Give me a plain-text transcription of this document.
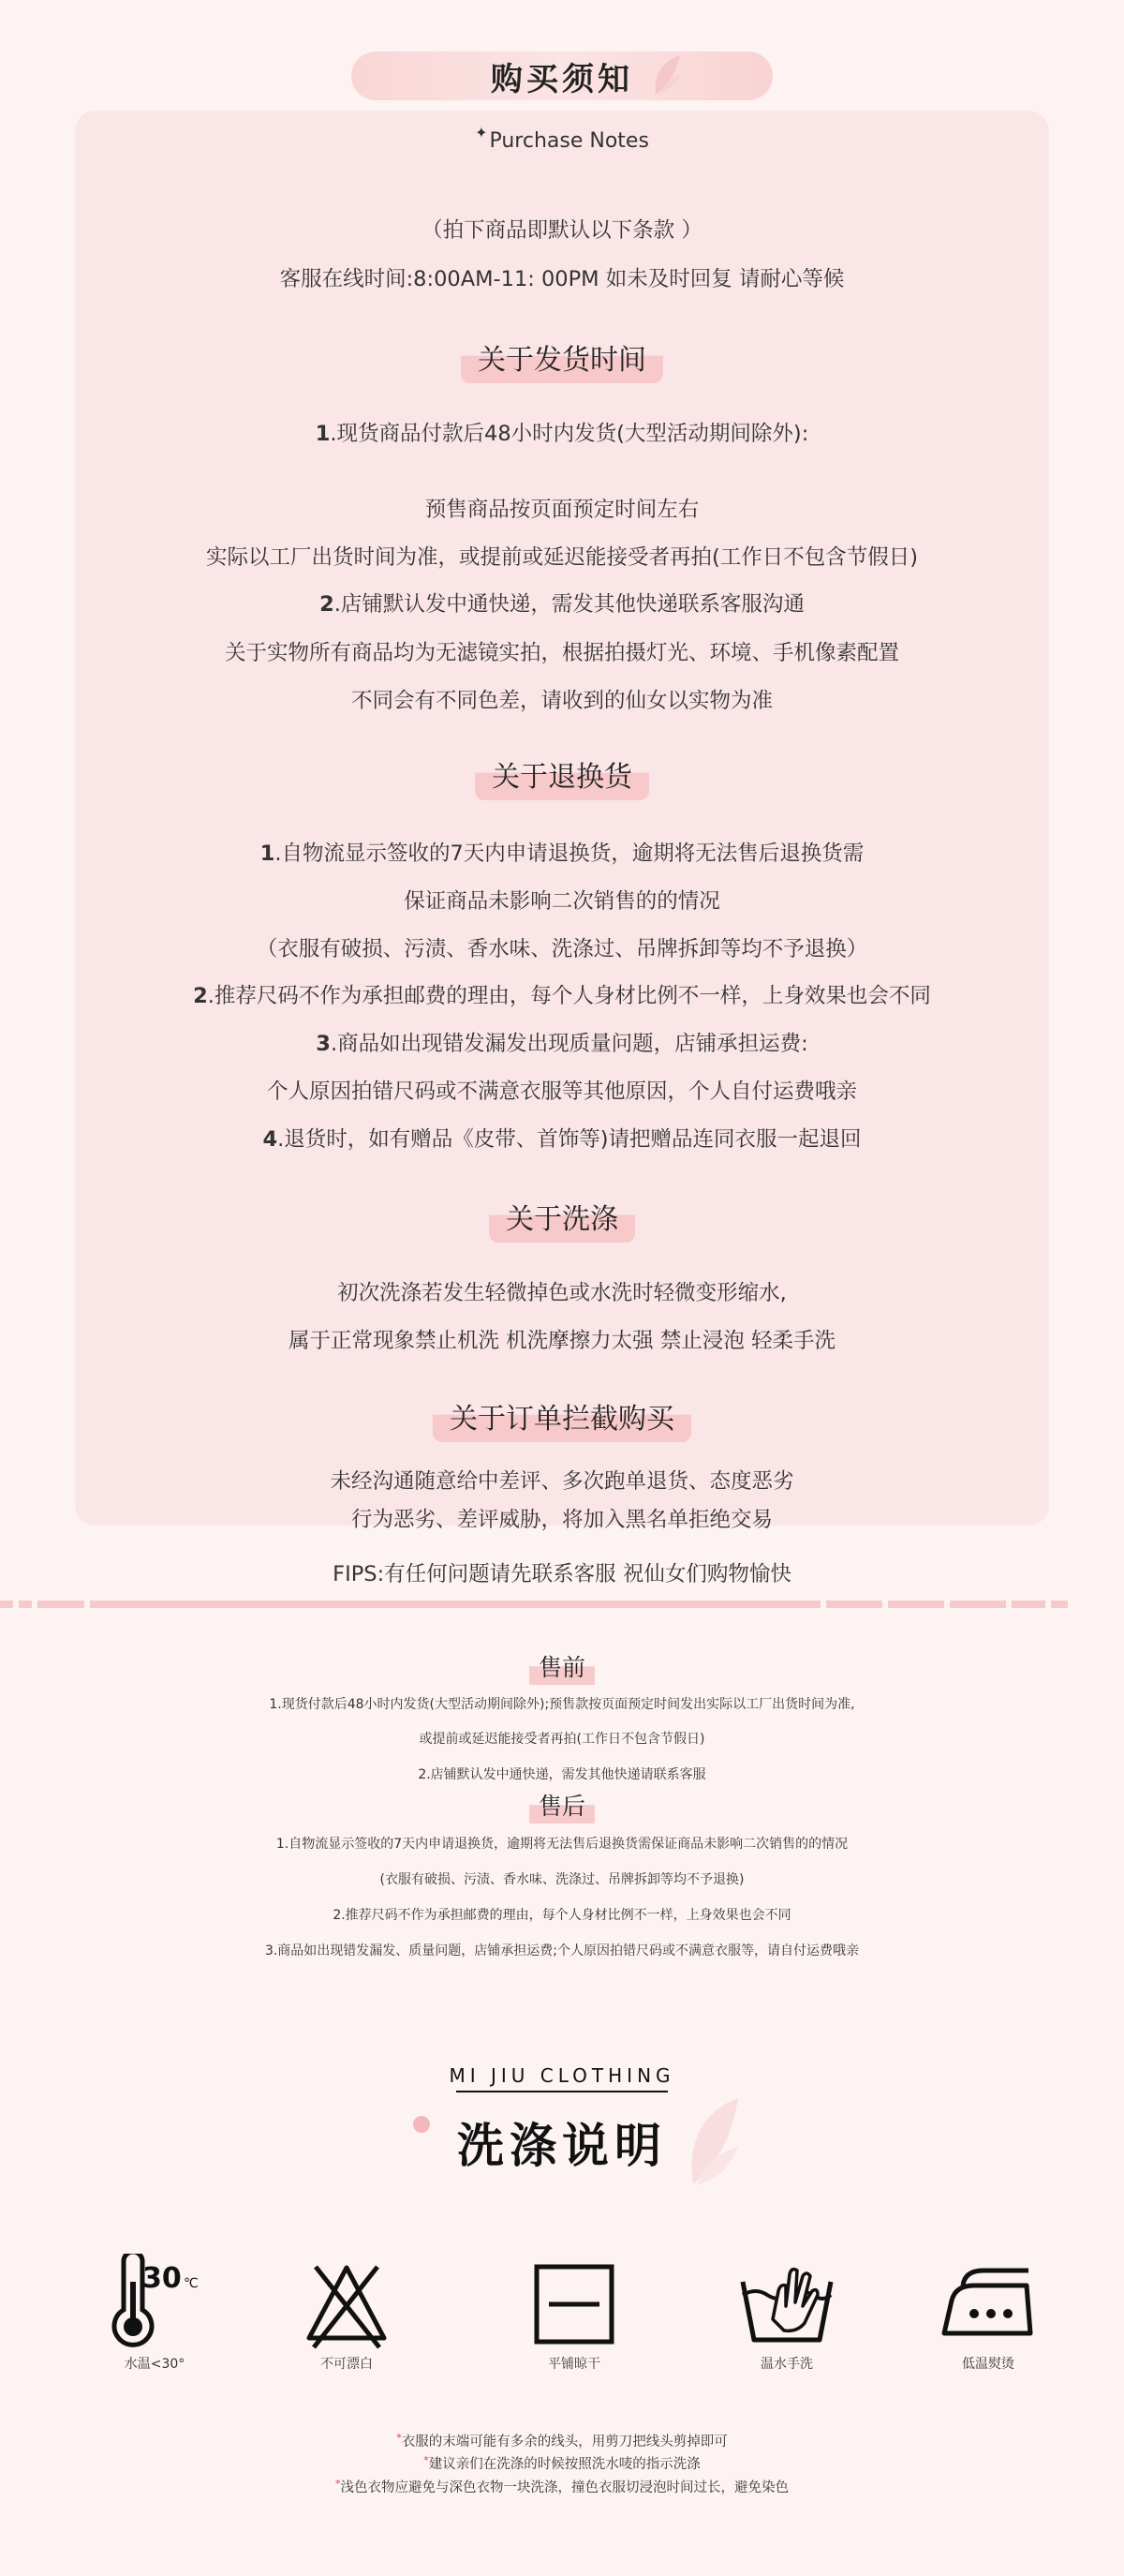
购买须知
✦Purchase Notes
（拍下商品即默认以下条款 ）
客服在线时间:8:00AM-11: 00PM 如未及时回复 请耐心等候
关于发货时间
1.现货商品付款后48小时内发货(大型活动期间除外):
预售商品按页面预定时间左右
实际以工厂出货时间为准，或提前或延迟能接受者再拍(工作日不包含节假日)
2.店铺默认发中通快递，需发其他快递联系客服沟通
关于实物所有商品均为无滤镜实拍，根据拍摄灯光、环境、手机像素配置
不同会有不同色差，请收到的仙女以实物为准
关于退换货
1.自物流显示签收的7天内申请退换货，逾期将无法售后退换货需
保证商品未影响二次销售的的情况
（衣服有破损、污渍、香水味、洗涤过、吊牌拆卸等均不予退换）
2.推荐尺码不作为承担邮费的理由，每个人身材比例不一样，上身效果也会不同
3.商品如出现错发漏发出现质量问题，店铺承担运费:
个人原因拍错尺码或不满意衣服等其他原因，个人自付运费哦亲
4.退货时，如有赠品《皮带、首饰等)请把赠品连同衣服一起退回
关于洗涤
初次洗涤若发生轻微掉色或水洗时轻微变形缩水,
属于正常现象禁止机洗 机洗摩擦力太强 禁止浸泡 轻柔手洗
关于订单拦截购买
未经沟通随意给中差评、多次跑单退货、态度恶劣
行为恶劣、差评威胁，将加入黑名单拒绝交易
FIPS:有任何问题请先联系客服 祝仙女们购物愉快
售前
1.现货付款后48小时内发货(大型活动期间除外);预售款按页面预定时间发出实际以工厂出货时间为准,
或提前或延迟能接受者再拍(工作日不包含节假日)
2.店铺默认发中通快递，需发其他快递请联系客服
售后
1.自物流显示签收的7天内申请退换货，逾期将无法售后退换货需保证商品未影响二次销售的的情况
(衣服有破损、污渍、香水味、洗涤过、吊牌拆卸等均不予退换)
2.推荐尺码不作为承担邮费的理由，每个人身材比例不一样，上身效果也会不同
3.商品如出现错发漏发、质量问题，店铺承担运费;个人原因拍错尺码或不满意衣服等，请自付运费哦亲
MI JIU CLOTHING
洗涤说明
30 ℃
水温<30°	不可漂白	平铺晾干	温水手洗	低温熨烫
*衣服的末端可能有多余的线头，用剪刀把线头剪掉即可
*建议亲们在洗涤的时候按照洗水唛的指示洗涤
*浅色衣物应避免与深色衣物一块洗涤，撞色衣服切浸泡时间过长，避免染色
